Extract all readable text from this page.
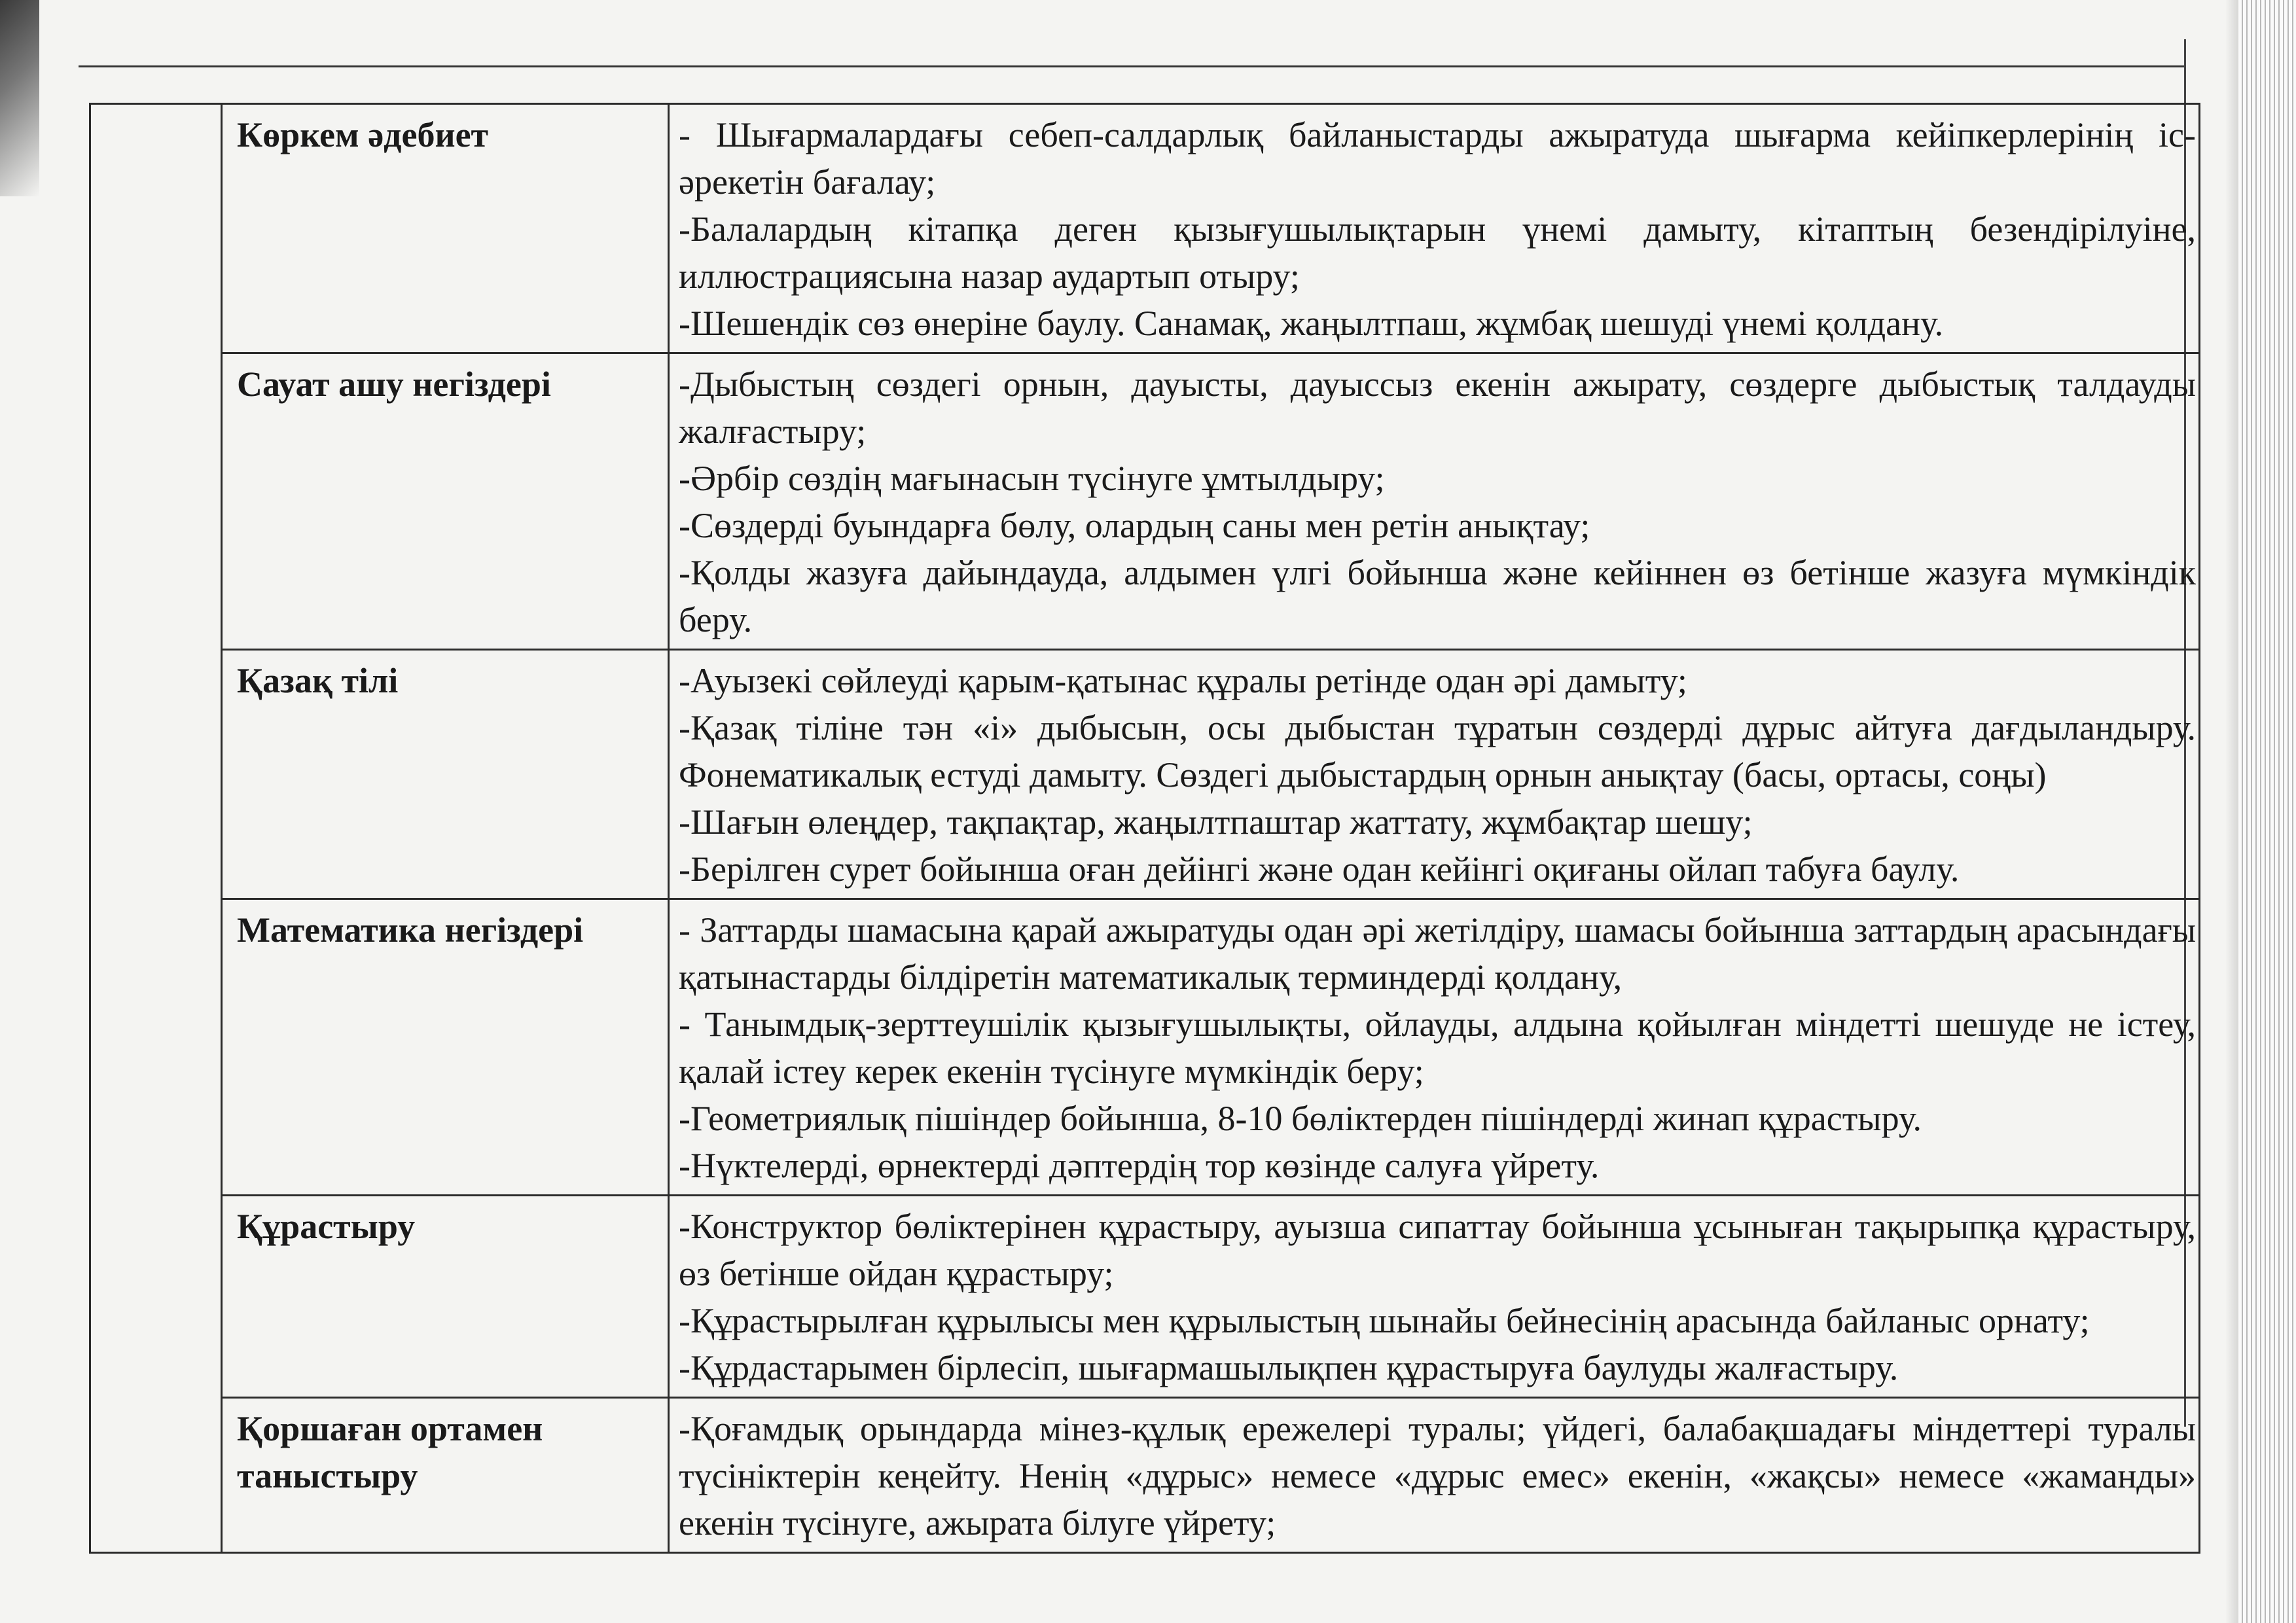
	Көркем әдебиет	- Шығармалардағы себеп-салдарлық байланыстарды ажыратуда шығарма кейіпкерлерінің іс-әрекетін бағалау;
-Балалардың кітапқа деген қызығушылықтарын үнемі дамыту, кітаптың безендірілуіне, иллюстрациясына назар аудартып отыру;
-Шешендік сөз өнеріне баулу. Санамақ, жаңылтпаш, жұмбақ шешуді үнемі қолдану.

	Сауат ашу негіздері	-Дыбыстың сөздегі орнын, дауысты, дауыссыз екенін ажырату, сөздерге дыбыстық талдауды жалғастыру;
-Әрбір сөздің мағынасын түсінуге ұмтылдыру;
-Сөздерді буындарға бөлу, олардың саны мен ретін анықтау;
-Қолды жазуға дайындауда, алдымен үлгі бойынша және кейіннен өз бетінше жазуға мүмкіндік беру.

	Қазақ тілі	-Ауызекі сөйлеуді қарым-қатынас құралы ретінде одан әрі дамыту;
-Қазақ тіліне тән «і» дыбысын, осы дыбыстан тұратын сөздерді дұрыс айтуға дағдыландыру. Фонематикалық естуді дамыту. Сөздегі дыбыстардың орнын анықтау (басы, ортасы, соңы)
-Шағын өлеңдер, тақпақтар, жаңылтпаштар жаттату, жұмбақтар шешу;
-Берілген сурет бойынша оған дейінгі және одан кейінгі оқиғаны ойлап табуға баулу.

	Математика негіздері	- Заттарды шамасына қарай ажыратуды одан әрі жетілдіру, шамасы бойынша заттардың арасындағы қатынастарды білдіретін математикалық терминдерді қолдану,
- Танымдық-зерттеушілік қызығушылықты, ойлауды, алдына қойылған міндетті шешуде не істеу, қалай істеу керек екенін түсінуге мүмкіндік беру;
-Геометриялық пішіндер бойынша, 8-10 бөліктерден пішіндерді жинап құрастыру.
-Нүктелерді, өрнектерді дәптердің тор көзінде салуға үйрету.

	Құрастыру	-Конструктор бөліктерінен құрастыру, ауызша сипаттау бойынша ұсыныған тақырыпқа құрастыру, өз бетінше ойдан құрастыру;
-Құрастырылған құрылысы мен құрылыстың шынайы бейнесінің арасында байланыс орнату;
-Құрдастарымен бірлесіп, шығармашылықпен құрастыруға баулуды жалғастыру.

	Қоршаған ортамен таныстыру	-Қоғамдық орындарда мінез-құлық ережелері туралы; үйдегі, балабақшадағы міндеттері туралы түсініктерін кеңейту. Ненің «дұрыс» немесе «дұрыс емес» екенін, «жақсы» немесе «жаманды» екенін түсінуге, ажырата білуге үйрету;
